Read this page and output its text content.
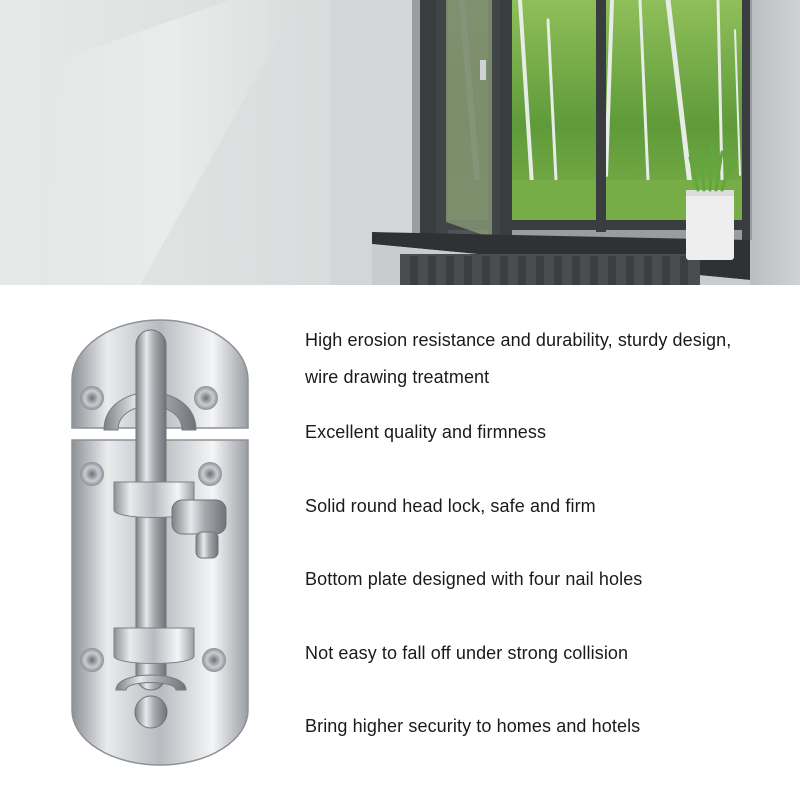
High erosion resistance and durability, sturdy design,
wire drawing treatment
Excellent quality and firmness
Solid round head lock, safe and firm
Bottom plate designed with four nail holes
Not easy to fall off under strong collision
Bring higher security to homes and hotels
